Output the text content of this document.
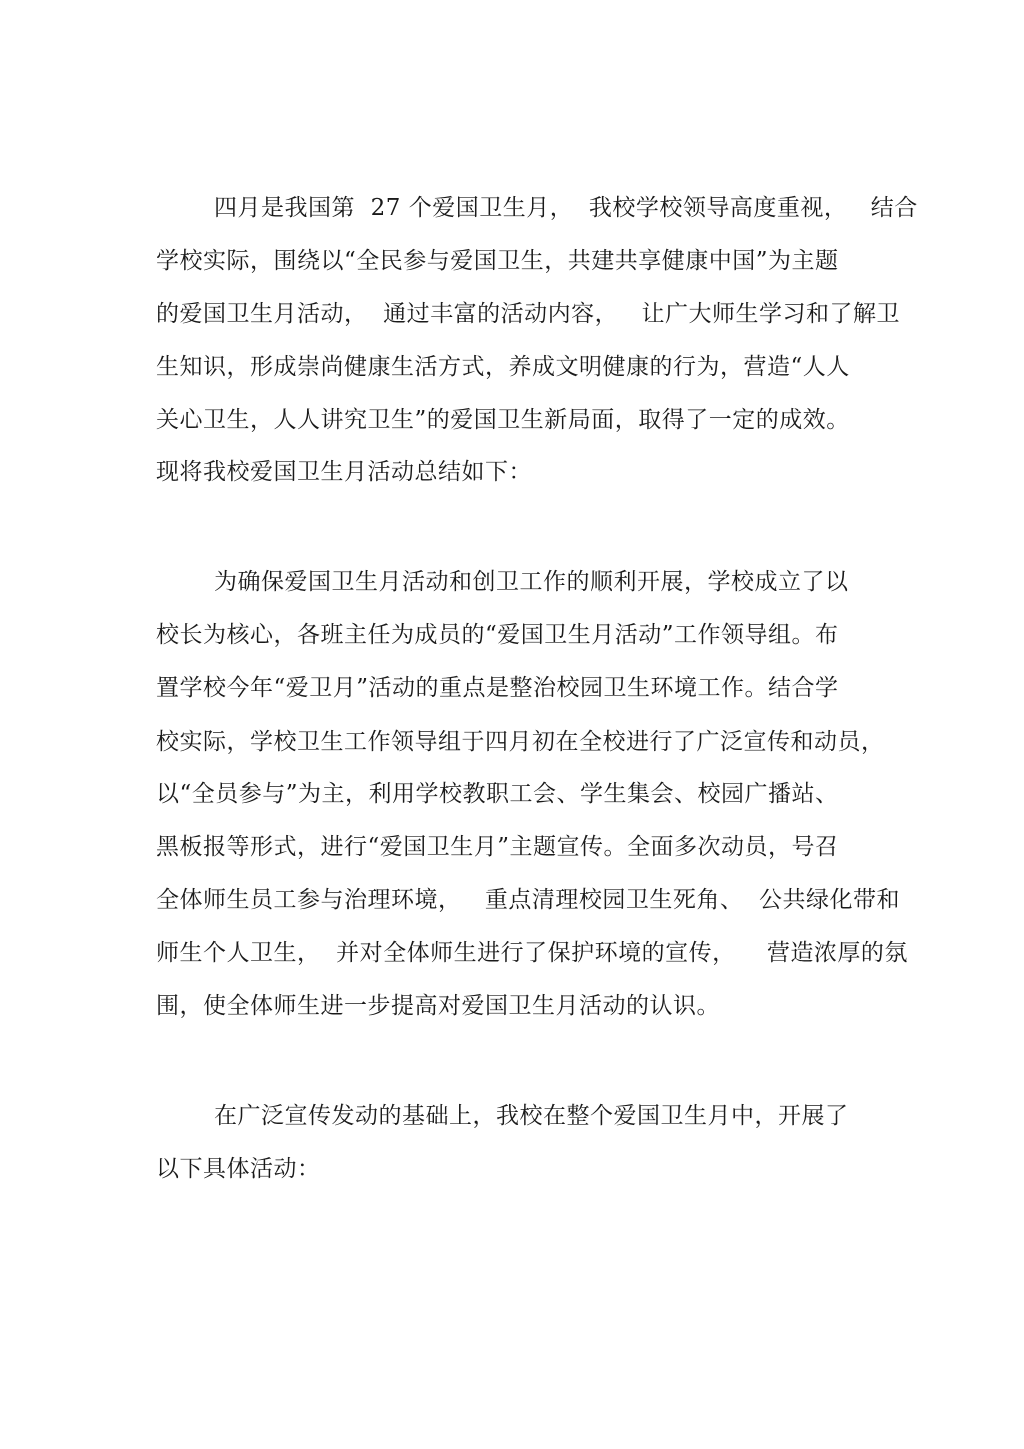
四月是我国第  27 个爱国卫生月，  我校学校领导高度重视，   结合
学校实际，围绕以“全民参与爱国卫生，共建共享健康中国”为主题
的爱国卫生月活动，  通过丰富的活动内容，   让广大师生学习和了解卫
生知识，形成崇尚健康生活方式，养成文明健康的行为，营造“人人
关心卫生，人人讲究卫生”的爱国卫生新局面，取得了一定的成效。
现将我校爱国卫生月活动总结如下：
为确保爱国卫生月活动和创卫工作的顺利开展，学校成立了以
校长为核心，各班主任为成员的“爱国卫生月活动”工作领导组。布
置学校今年“爱卫月”活动的重点是整治校园卫生环境工作。结合学
校实际，学校卫生工作领导组于四月初在全校进行了广泛宣传和动员，
以“全员参与”为主，利用学校教职工会、学生集会、校园广播站、
黑板报等形式，进行“爱国卫生月”主题宣传。全面多次动员，号召
全体师生员工参与治理环境，   重点清理校园卫生死角、  公共绿化带和
师生个人卫生，  并对全体师生进行了保护环境的宣传，    营造浓厚的氛
围，使全体师生进一步提高对爱国卫生月活动的认识。
在广泛宣传发动的基础上，我校在整个爱国卫生月中，开展了
以下具体活动：
